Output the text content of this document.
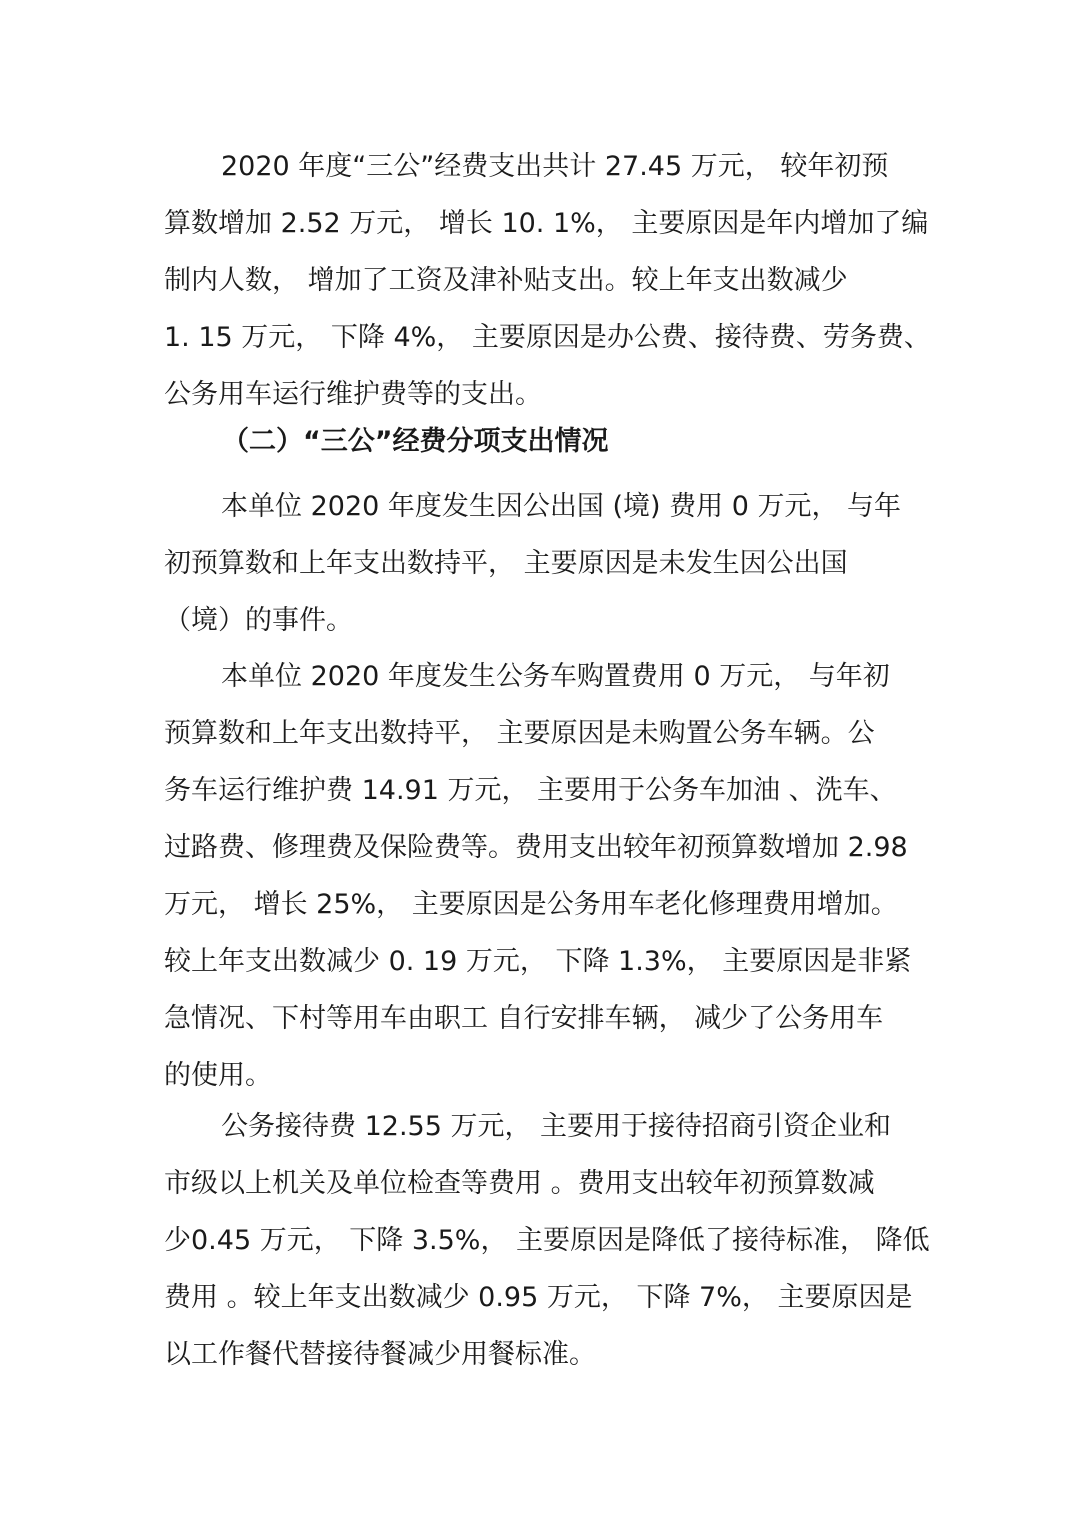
2020 年度“三公”经费支出共计 27.45 万元， 较年初预
算数增加 2.52 万元， 增长 10. 1%， 主要原因是年内增加了编
制内人数， 增加了工资及津补贴支出。较上年支出数减少
1. 15 万元， 下降 4%， 主要原因是办公费、接待费、劳务费、
公务用车运行维护费等的支出。
（二）“三公”经费分项支出情况
本单位 2020 年度发生因公出国 (境) 费用 0 万元， 与年
初预算数和上年支出数持平， 主要原因是未发生因公出国
（境）的事件。
本单位 2020 年度发生公务车购置费用 0 万元， 与年初
预算数和上年支出数持平， 主要原因是未购置公务车辆。公
务车运行维护费 14.91 万元， 主要用于公务车加油 、洗车、
过路费、修理费及保险费等。费用支出较年初预算数增加 2.98
万元， 增长 25%， 主要原因是公务用车老化修理费用增加。
较上年支出数减少 0. 19 万元， 下降 1.3%， 主要原因是非紧
急情况、下村等用车由职工 自行安排车辆， 减少了公务用车
的使用。
公务接待费 12.55 万元， 主要用于接待招商引资企业和
市级以上机关及单位检查等费用 。费用支出较年初预算数减
少0.45 万元， 下降 3.5%， 主要原因是降低了接待标准， 降低
费用 。较上年支出数减少 0.95 万元， 下降 7%， 主要原因是
以工作餐代替接待餐减少用餐标准。
